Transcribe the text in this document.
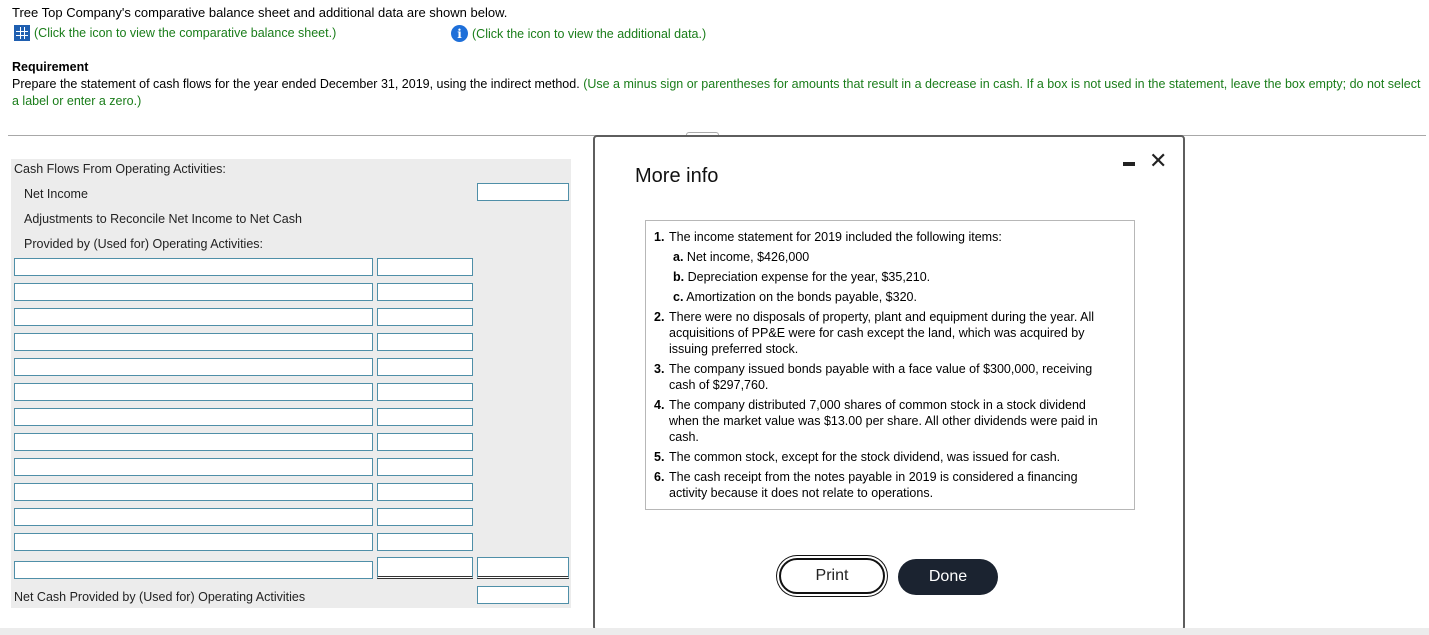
Tree Top Company's comparative balance sheet and additional data are shown below.
(Click the icon to view the comparative balance sheet.)	i (Click the icon to view the additional data.)
Requirement
Prepare the statement of cash flows for the year ended December 31, 2019, using the indirect method. (Use a minus sign or parentheses for amounts that result in a decrease in cash. If a box is not used in the statement, leave the box empty; do not select a label or enter a zero.)
Cash Flows From Operating Activities:
Net Income
Adjustments to Reconcile Net Income to Net Cash
Provided by (Used for) Operating Activities:
Net Cash Provided by (Used for) Operating Activities
More info
✕
1. The income statement for 2019 included the following items:
a. Net income, $426,000
b. Depreciation expense for the year, $35,210.
c. Amortization on the bonds payable, $320.
2. There were no disposals of property, plant and equipment during the year. All acquisitions of PP&E were for cash except the land, which was acquired by issuing preferred stock.
3. The company issued bonds payable with a face value of $300,000, receiving cash of $297,760.
4. The company distributed 7,000 shares of common stock in a stock dividend when the market value was $13.00 per share. All other dividends were paid in cash.
5. The common stock, except for the stock dividend, was issued for cash.
6. The cash receipt from the notes payable in 2019 is considered a financing activity because it does not relate to operations.
Print	Done
